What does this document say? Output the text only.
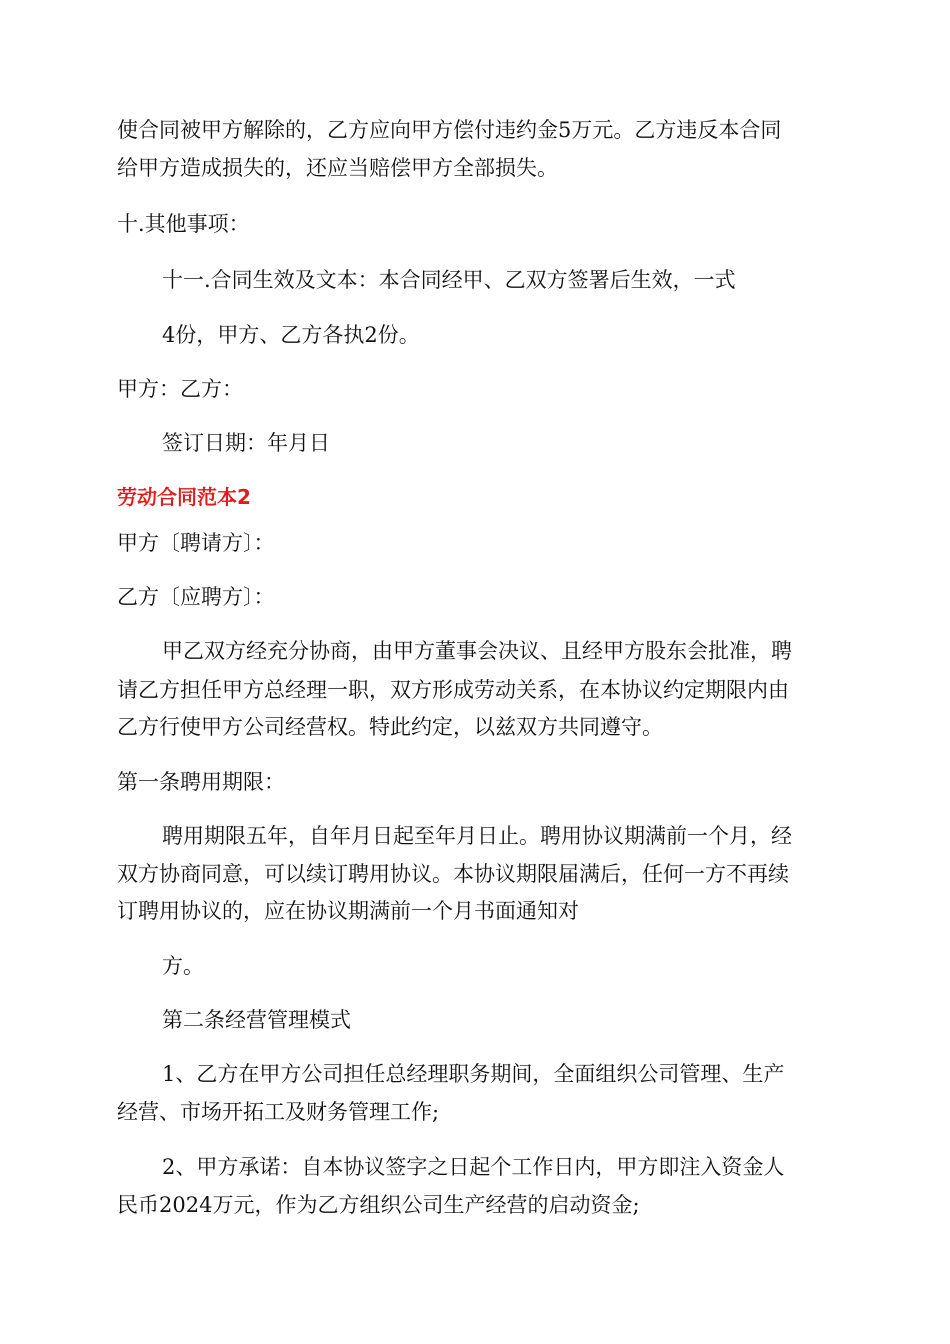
使合同被甲方解除的，乙方应向甲方偿付违约金5万元。乙方违反本合同
给甲方造成损失的，还应当赔偿甲方全部损失。
十.其他事项：
十一.合同生效及文本：本合同经甲、乙双方签署后生效，一式
4份，甲方、乙方各执2份。
甲方：乙方：
签订日期：年月日
劳动合同范本2
甲方〔聘请方〕：
乙方〔应聘方〕：
甲乙双方经充分协商，由甲方董事会决议、且经甲方股东会批准，聘
请乙方担任甲方总经理一职，双方形成劳动关系，在本协议约定期限内由
乙方行使甲方公司经营权。特此约定，以兹双方共同遵守。
第一条聘用期限：
聘用期限五年，自年月日起至年月日止。聘用协议期满前一个月，经
双方协商同意，可以续订聘用协议。本协议期限届满后，任何一方不再续
订聘用协议的，应在协议期满前一个月书面通知对
方。
第二条经营管理模式
1、乙方在甲方公司担任总经理职务期间，全面组织公司管理、生产
经营、市场开拓工及财务管理工作;
2、甲方承诺：自本协议签字之日起个工作日内，甲方即注入资金人
民币2024万元，作为乙方组织公司生产经营的启动资金;
